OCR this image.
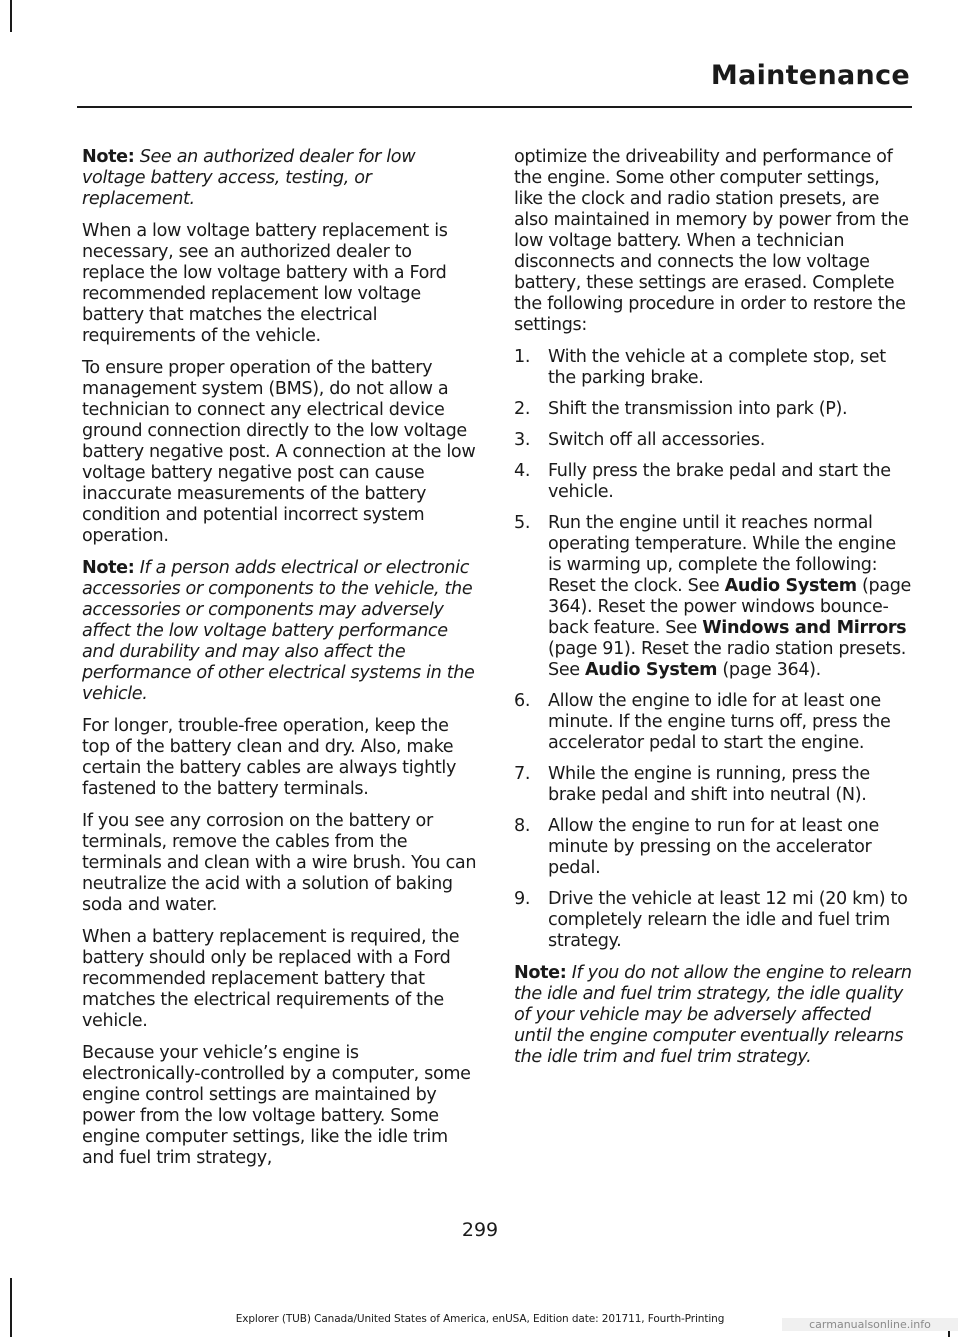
Maintenance

Note: See an authorized dealer for low voltage battery access, testing, or replacement.

When a low voltage battery replacement is necessary, see an authorized dealer to replace the low voltage battery with a Ford recommended replacement low voltage battery that matches the electrical requirements of the vehicle.

To ensure proper operation of the battery management system (BMS), do not allow a technician to connect any electrical device ground connection directly to the low voltage battery negative post. A connection at the low voltage battery negative post can cause inaccurate measurements of the battery condition and potential incorrect system operation.

Note: If a person adds electrical or electronic accessories or components to the vehicle, the accessories or components may adversely affect the low voltage battery performance and durability and may also affect the performance of other electrical systems in the vehicle.

For longer, trouble-free operation, keep the top of the battery clean and dry. Also, make certain the battery cables are always tightly fastened to the battery terminals.

If you see any corrosion on the battery or terminals, remove the cables from the terminals and clean with a wire brush. You can neutralize the acid with a solution of baking soda and water.

When a battery replacement is required, the battery should only be replaced with a Ford recommended replacement battery that matches the electrical requirements of the vehicle.

Because your vehicle’s engine is electronically-controlled by a computer, some engine control settings are maintained by power from the low voltage battery. Some engine computer settings, like the idle trim and fuel trim strategy,

optimize the driveability and performance of the engine. Some other computer settings, like the clock and radio station presets, are also maintained in memory by power from the low voltage battery. When a technician disconnects and connects the low voltage battery, these settings are erased. Complete the following procedure in order to restore the settings:

1. With the vehicle at a complete stop, set the parking brake.
2. Shift the transmission into park (P).
3. Switch off all accessories.
4. Fully press the brake pedal and start the vehicle.
5. Run the engine until it reaches normal operating temperature. While the engine is warming up, complete the following: Reset the clock. See Audio System (page 364). Reset the power windows bounce-back feature. See Windows and Mirrors (page 91). Reset the radio station presets. See Audio System (page 364).
6. Allow the engine to idle for at least one minute. If the engine turns off, press the accelerator pedal to start the engine.
7. While the engine is running, press the brake pedal and shift into neutral (N).
8. Allow the engine to run for at least one minute by pressing on the accelerator pedal.
9. Drive the vehicle at least 12 mi (20 km) to completely relearn the idle and fuel trim strategy.

Note: If you do not allow the engine to relearn the idle and fuel trim strategy, the idle quality of your vehicle may be adversely affected until the engine computer eventually relearns the idle trim and fuel trim strategy.

299
Explorer (TUB) Canada/United States of America, enUSA, Edition date: 201711, Fourth-Printing	carmanualsonline.info
